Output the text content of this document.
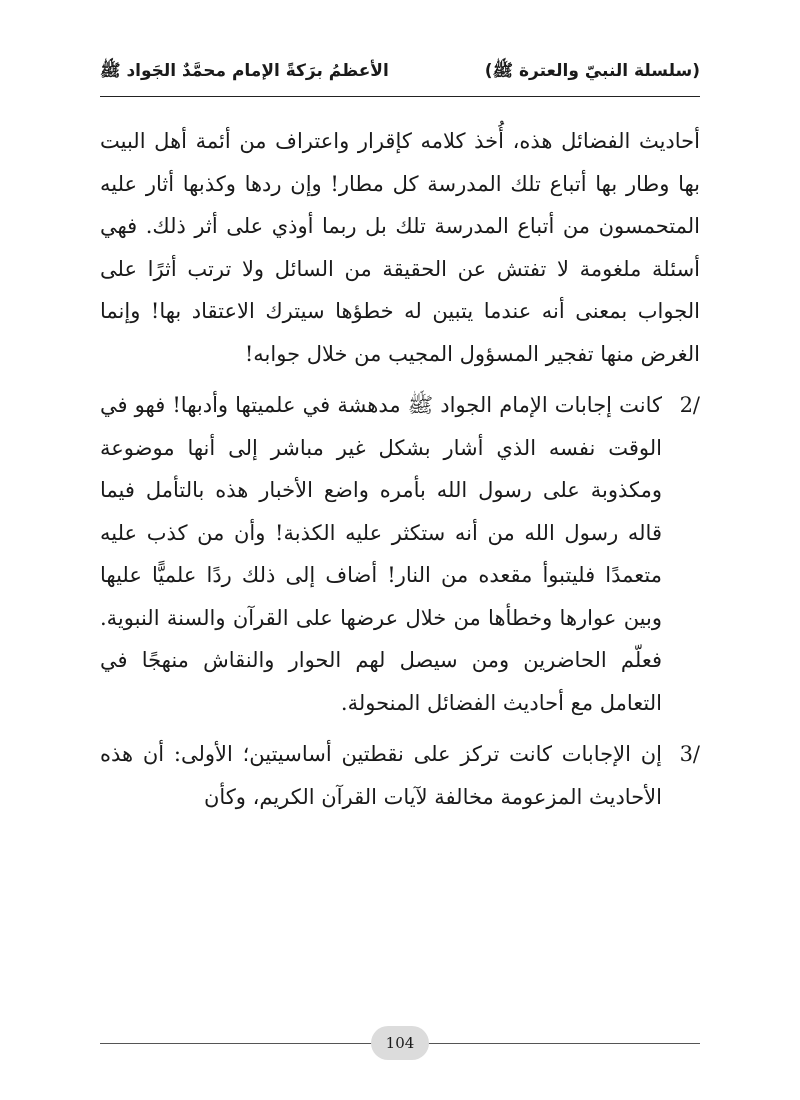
(سلسلة النبيّ والعترة ﷺ)
الأعظمُ برَكةً الإمام محمَّدٌ الجَواد ﷺ

أحاديث الفضائل هذه، أُخذ كلامه كإقرار واعتراف من أئمة أهل البيت بها وطار بها أتباع تلك المدرسة كل مطار! وإن ردها وكذبها أثار عليه المتحمسون من أتباع المدرسة تلك بل ربما أوذي على أثر ذلك. فهي أسئلة ملغومة لا تفتش عن الحقيقة من السائل ولا ترتب أثرًا على الجواب بمعنى أنه عندما يتبين له خطؤها سيترك الاعتقاد بها! وإنما الغرض منها تفجير المسؤول المجيب من خلال جوابه!

2/
كانت إجابات الإمام الجواد ﷺ مدهشة في علميتها وأدبها! فهو في الوقت نفسه الذي أشار بشكل غير مباشر إلى أنها موضوعة ومكذوبة على رسول الله بأمره واضع الأخبار هذه بالتأمل فيما قاله رسول الله من أنه ستكثر عليه الكذبة! وأن من كذب عليه متعمدًا فليتبوأ مقعده من النار! أضاف إلى ذلك ردًا علميًّا عليها وبين عوارها وخطأها من خلال عرضها على القرآن والسنة النبوية. فعلّم الحاضرين ومن سيصل لهم الحوار والنقاش منهجًا في التعامل مع أحاديث الفضائل المنحولة.
3/
إن الإجابات كانت تركز على نقطتين أساسيتين؛ الأولى: أن هذه الأحاديث المزعومة مخالفة لآيات القرآن الكريم، وكأن
104
